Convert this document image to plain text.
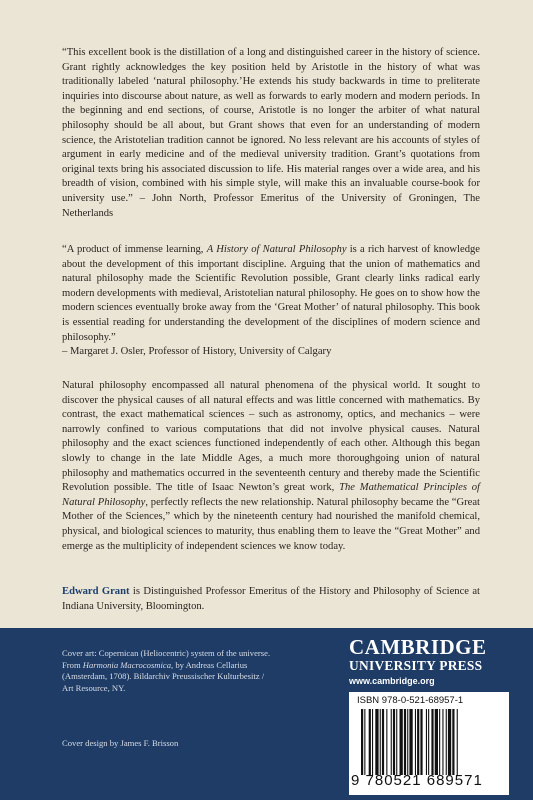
“This excellent book is the distillation of a long and distinguished career in the history of science. Grant rightly acknowledges the key position held by Aristotle in the history of what was traditionally labeled ‘natural philosophy.’He extends his study backwards in time to preliterate inquiries into discourse about nature, as well as forwards to early modern and modern periods. In the beginning and end sections, of course, Aristotle is no longer the arbiter of what natural philosophy should be all about, but Grant shows that even for an understanding of modern science, the Aristotelian tradition cannot be ignored. No less relevant are his accounts of styles of argument in early medicine and of the medieval university tradition. Grant’s quotations from original texts bring his associated discussion to life. His material ranges over a wide area, and his breadth of vision, combined with his simple style, will make this an invaluable course-book for university use.” – John North, Professor Emeritus of the University of Groningen, The Netherlands

“A product of immense learning, A History of Natural Philosophy is a rich harvest of knowledge about the development of this important discipline. Arguing that the union of mathematics and natural philosophy made the Scientific Revolution possible, Grant clearly links radical early modern developments with medieval, Aristotelian natural philosophy. He goes on to show how the modern sciences eventually broke away from the ‘Great Mother’ of natural philosophy. This book is essential reading for understanding the development of the disciplines of modern science and philosophy.”
– Margaret J. Osler, Professor of History, University of Calgary

Natural philosophy encompassed all natural phenomena of the physical world. It sought to discover the physical causes of all natural effects and was little concerned with mathematics. By contrast, the exact mathematical sciences – such as astronomy, optics, and mechanics – were narrowly confined to various computations that did not involve physical causes. Natural philosophy and the exact sciences functioned independently of each other. Although this began slowly to change in the late Middle Ages, a much more thoroughgoing union of natural philosophy and mathematics occurred in the seventeenth century and thereby made the Scientific Revolution possible. The title of Isaac Newton’s great work, The Mathematical Principles of Natural Philosophy, perfectly reflects the new relationship. Natural philosophy became the “Great Mother of the Sciences,” which by the nineteenth century had nourished the manifold chemical, physical, and biological sciences to maturity, thus enabling them to leave the “Great Mother” and emerge as the multiplicity of independent sciences we know today.

Edward Grant is Distinguished Professor Emeritus of the History and Philosophy of Science at Indiana University, Bloomington.

Cover art: Copernican (Heliocentric) system of the universe. From Harmonia Macrocosmica, by Andreas Cellarius (Amsterdam, 1708). Bildarchiv Preussischer Kulturbesitz / Art Resource, NY.

Cover design by James F. Brisson

CAMBRIDGE
UNIVERSITY PRESS
www.cambridge.org
ISBN 978-0-521-68957-1
9 780521 689571
